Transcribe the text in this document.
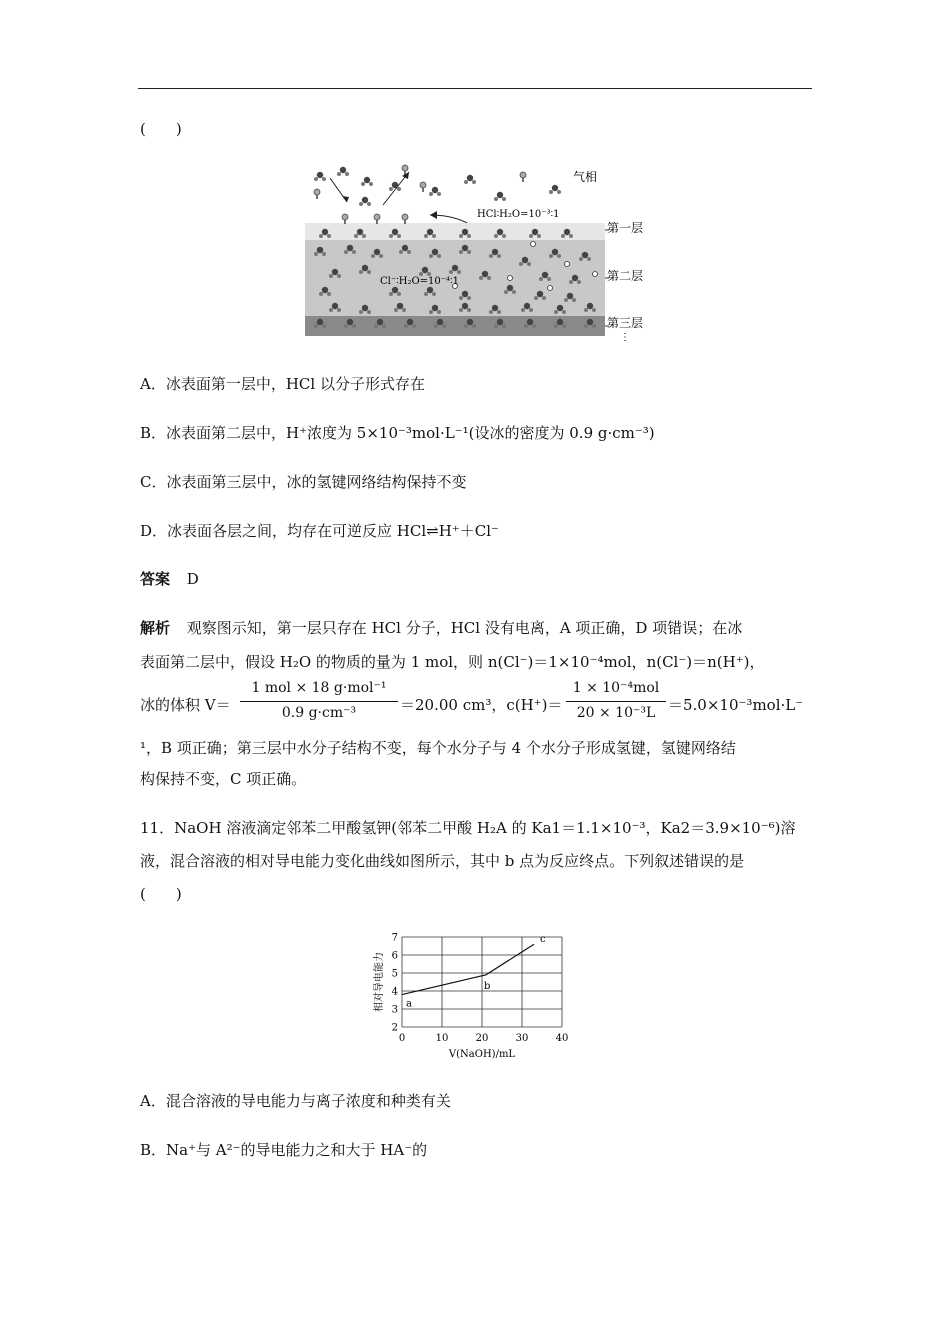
(　　)
气相
HCl∶H₂O=10⁻³∶1
第一层
第二层
第三层
⋮
Cl⁻∶H₂O=10⁻⁴∶1
A．冰表面第一层中，HCl 以分子形式存在
B．冰表面第二层中，H⁺浓度为 5×10⁻³mol·L⁻¹(设冰的密度为 0.9 g·cm⁻³)
C．冰表面第三层中，冰的氢键网络结构保持不变
D．冰表面各层之间，均存在可逆反应 HCl⇌H⁺＋Cl⁻
答案 D
解析 观察图示知，第一层只存在 HCl 分子，HCl 没有电离，A 项正确，D 项错误；在冰
表面第二层中，假设 H₂O 的物质的量为 1 mol，则 n(Cl⁻)＝1×10⁻⁴mol，n(Cl⁻)＝n(H⁺)，
冰的体积 V＝
1 mol × 18 g·mol⁻¹
0.9 g·cm⁻³	＝20.00 cm³，c(H⁺)＝
1 × 10⁻⁴mol
20 × 10⁻³L ＝5.0×10⁻³mol·L⁻
¹，B 项正确；第三层中水分子结构不变，每个水分子与 4 个水分子形成氢键，氢键网络结
构保持不变，C 项正确。
11．NaOH 溶液滴定邻苯二甲酸氢钾(邻苯二甲酸 H₂A 的 Ka1＝1.1×10⁻³，Ka2＝3.9×10⁻⁶)溶
液，混合溶液的相对导电能力变化曲线如图所示，其中 b 点为反应终点。下列叙述错误的是
(　　)
0	10	20	30	40
2
3
4
5
6
7
V(NaOH)/mL
相对导电能力 a
b
c
A．混合溶液的导电能力与离子浓度和种类有关
B．Na⁺与 A²⁻的导电能力之和大于 HA⁻的
